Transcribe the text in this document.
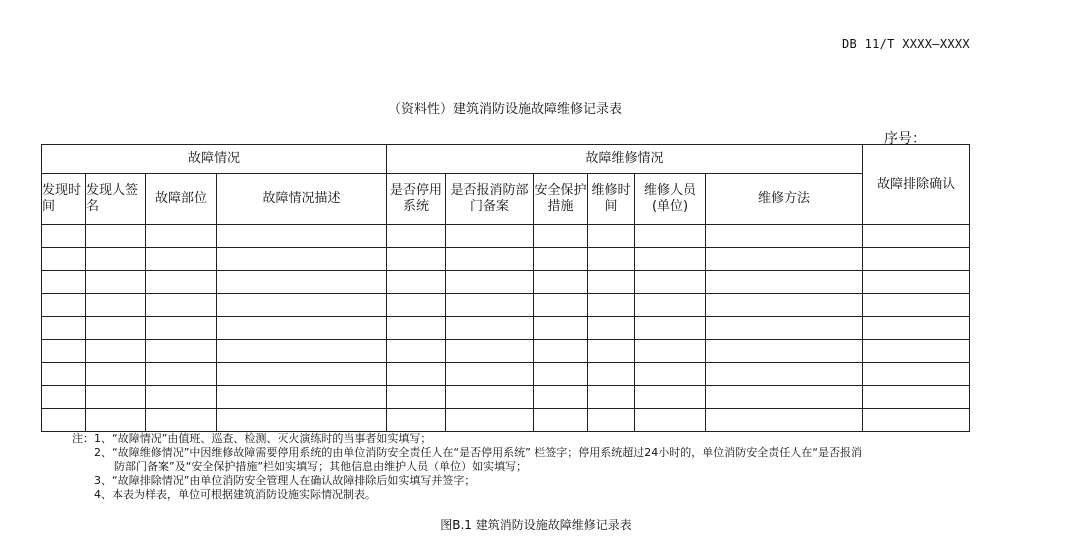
DB 11/T XXXX—XXXX
（资料性）建筑消防设施故障维修记录表
序号：
故障情况				故障维修情况						故障排除确认
发现时间	发现人签名	故障部位	故障情况描述	是否停用系统	是否报消防部门备案	安全保护措施	维修时间	维修人员(单位)	维修方法	

注：1、“故障情况”由值班、巡查、检测、灭火演练时的当事者如实填写；
2、“故障维修情况”中因维修故障需要停用系统的由单位消防安全责任人在“是否停用系统” 栏签字；停用系统超过24小时的，单位消防安全责任人在“是否报消
防部门备案”及“安全保护措施”栏如实填写；其他信息由维护人员（单位）如实填写；
3、“故障排除情况”由单位消防安全管理人在确认故障排除后如实填写并签字；
4、本表为样表，单位可根据建筑消防设施实际情况制表。
图B.1 建筑消防设施故障维修记录表
